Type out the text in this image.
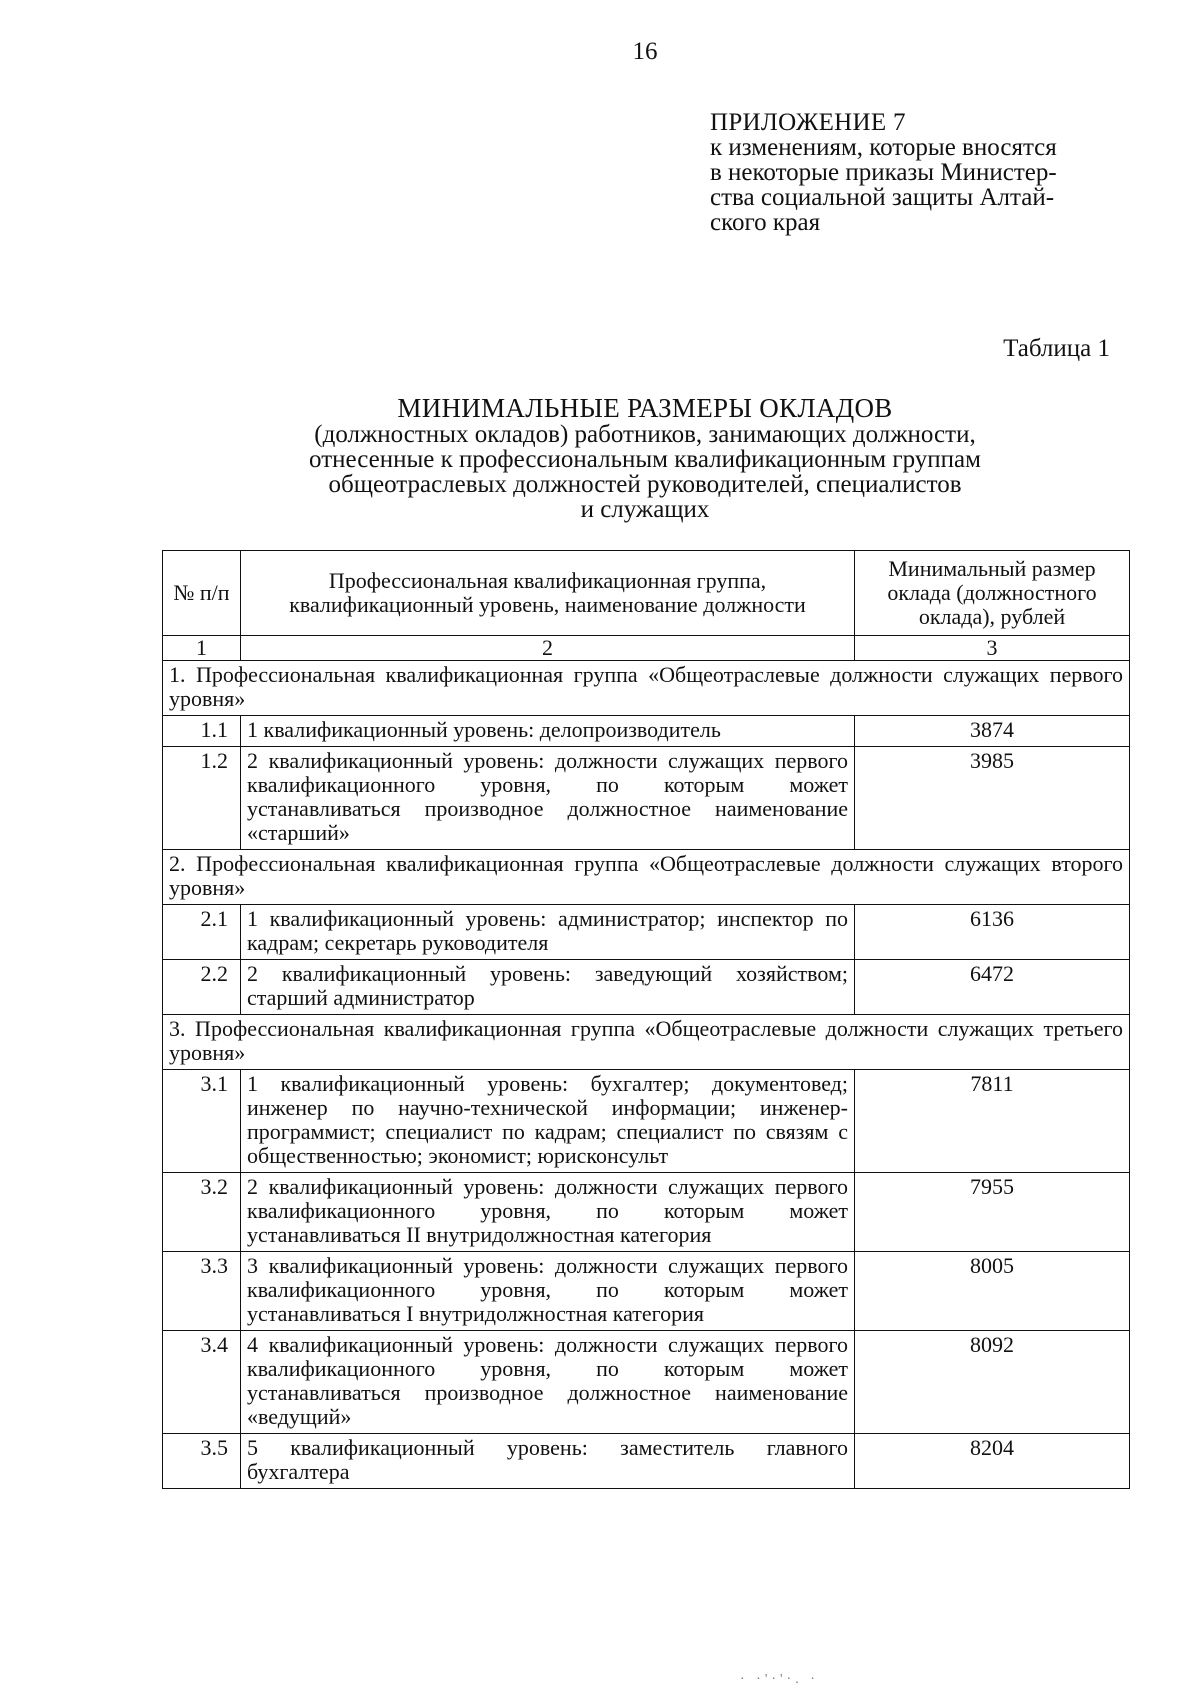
16
ПРИЛОЖЕНИЕ 7
к изменениям, которые вносятся
в некоторые приказы Министер-
ства социальной защиты Алтай-
ского края
Таблица 1
МИНИМАЛЬНЫЕ РАЗМЕРЫ ОКЛАДОВ
(должностных окладов) работников, занимающих должности,
отнесенные к профессиональным квалификационным группам
общеотраслевых должностей руководителей, специалистов
и служащих
№ п/п	Профессиональная квалификационная группа, квалификационный уровень, наименование должности	Минимальный размер оклада (должностного оклада), рублей
1	2	3
1. Профессиональная квалификационная группа «Общеотраслевые должности служащих первого уровня»		
1.1	1 квалификационный уровень: делопроизводитель	3874
1.2	2 квалификационный уровень: должности служащих первого квалификационного уровня, по которым может устанавливаться производное должностное наименование «старший»	3985
2. Профессиональная квалификационная группа «Общеотраслевые должности служащих второго уровня»		
2.1	1 квалификационный уровень: администратор; инспектор по кадрам; секретарь руководителя	6136
2.2	2 квалификационный уровень: заведующий хозяйством; старший администратор	6472
3. Профессиональная квалификационная группа «Общеотраслевые должности служащих третьего уровня»		
3.1	1 квалификационный уровень: бухгалтер; документовед; инженер по научно-технической информации; инженер-программист; специалист по кадрам; специалист по связям с общественностью; экономист; юрисконсульт	7811
3.2	2 квалификационный уровень: должности служащих первого квалификационного уровня, по которым может устанавливаться II внутридолжностная категория	7955
3.3	3 квалификационный уровень: должности служащих первого квалификационного уровня, по которым может устанавливаться I внутридолжностная категория	8005
3.4	4 квалификационный уровень: должности служащих первого квалификационного уровня, по которым может устанавливаться производное должностное наименование «ведущий»	8092
3.5	5 квалификационный уровень: заместитель главного бухгалтера	8204
· ·'·'·. ·
